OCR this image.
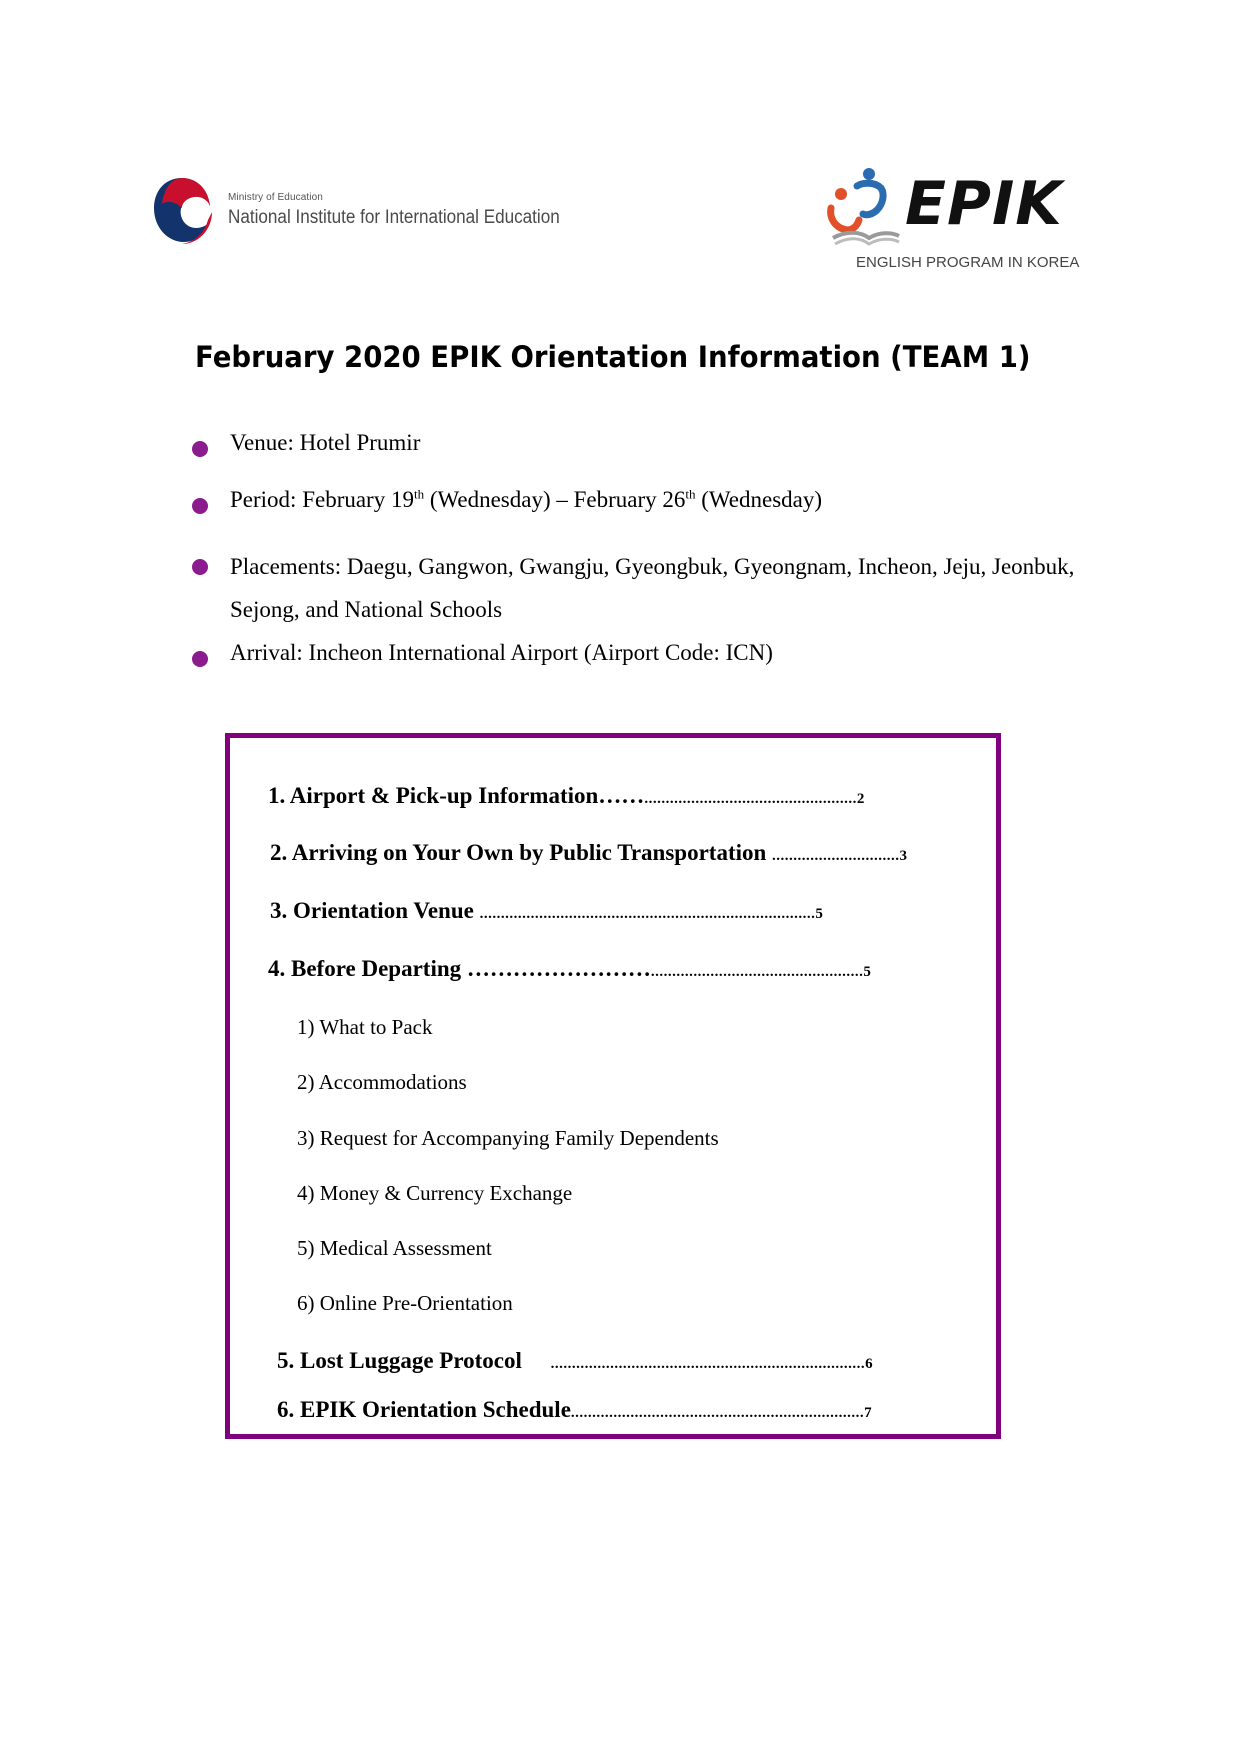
Ministry of Education
National Institute for International Education	EPIK
ENGLISH PROGRAM IN KOREA
February 2020 EPIK Orientation Information (TEAM 1)
Venue: Hotel Prumir
Period: February 19th (Wednesday) – February 26th (Wednesday)
Placements: Daegu, Gangwon, Gwangju, Gyeongbuk, Gyeongnam, Incheon, Jeju, Jeonbuk, Sejong, and National Schools
Arrival: Incheon International Airport (Airport Code: ICN)
1. Airport & Pick-up Information……..................................................2
2. Arriving on Your Own by Public Transportation ..............................3
3. Orientation Venue ...............................................................................5
4. Before Departing ……………………..................................................5
1) What to Pack
2) Accommodations
3) Request for Accompanying Family Dependents
4) Money & Currency Exchange
5) Medical Assessment
6) Online Pre-Orientation
5. Lost Luggage Protocol ..........................................................................6
6. EPIK Orientation Schedule.....................................................................7
